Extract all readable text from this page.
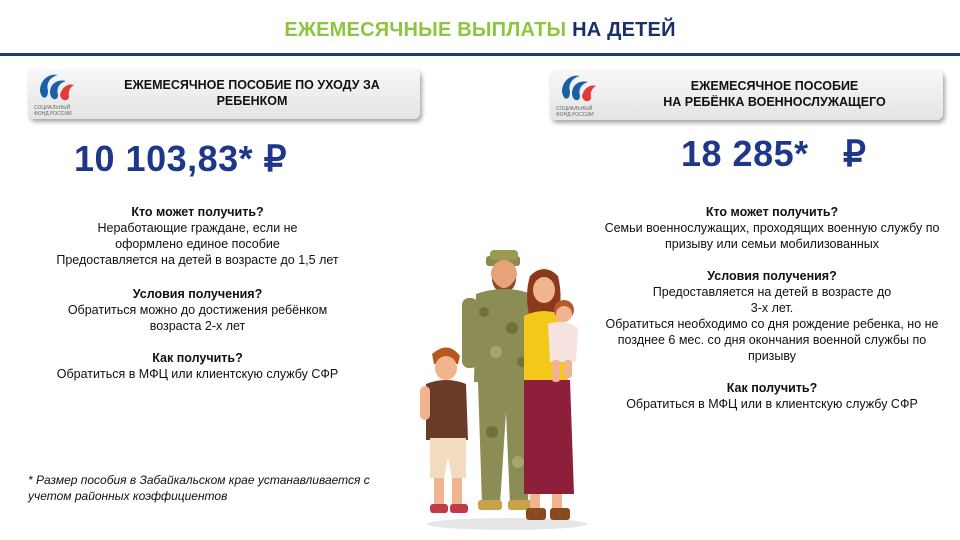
ЕЖЕМЕСЯЧНЫЕ ВЫПЛАТЫ НА ДЕТЕЙ
СОЦИАЛЬНЫЙ
ФОНД РОССИИ
ЕЖЕМЕСЯЧНОЕ ПОСОБИЕ ПО УХОДУ ЗА РЕБЕНКОМ
СОЦИАЛЬНЫЙ
ФОНД РОССИИ
ЕЖЕМЕСЯЧНОЕ ПОСОБИЕ
НА РЕБЁНКА ВОЕННОСЛУЖАЩЕГО
10 103,83* ₽	18 285* ₽
Кто может получить?
Неработающие граждане, если не оформлено единое пособие
Предоставляется на детей в возрасте до 1,5 лет
Условия получения?
Обратиться можно до достижения ребёнком возраста 2-х лет
Как получить?
Обратиться в МФЦ или клиентскую службу СФР
* Размер пособия в Забайкальском крае устанавливается с учетом районных коэффициентов
Кто может получить?
Семьи военнослужащих, проходящих военную службу по призыву или семьи мобилизованных
Условия получения?
Предоставляется на детей в возрасте до 3-х лет.
Обратиться необходимо со дня рождение ребенка, но не позднее 6 мес. со дня окончания военной службы по призыву
Как получить?
Обратиться в МФЦ или в клиентскую службу СФР
